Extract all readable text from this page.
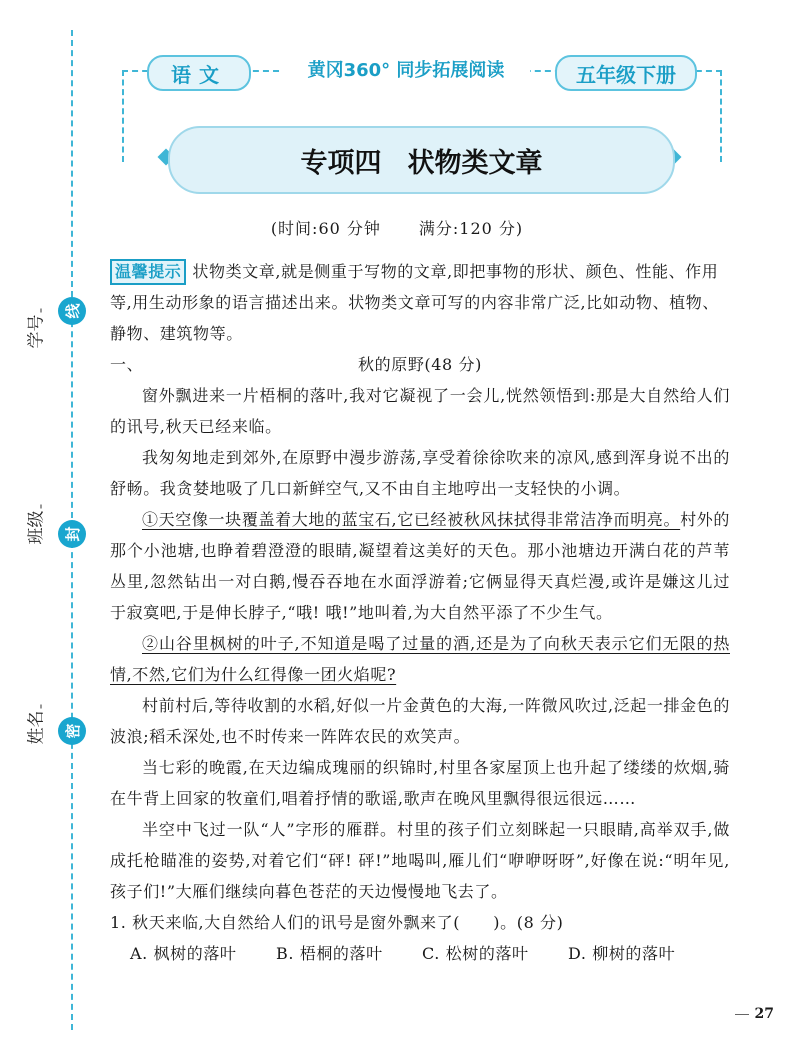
学号
班级
姓名
线
封
密
语文	黄冈360° 同步拓展阅读	五年级下册
专项四 状物类文章
(时间:60 分钟 满分:120 分)

温馨提示 状物类文章,就是侧重于写物的文章,即把事物的形状、颜色、性能、作用等,用生动形象的语言描述出来。状物类文章可写的内容非常广泛,比如动物、植物、静物、建筑物等。

一、	秋的原野(48 分)

窗外飘进来一片梧桐的落叶,我对它凝视了一会儿,恍然领悟到:那是大自然给人们的讯号,秋天已经来临。

我匆匆地走到郊外,在原野中漫步游荡,享受着徐徐吹来的凉风,感到浑身说不出的舒畅。我贪婪地吸了几口新鲜空气,又不由自主地哼出一支轻快的小调。

①天空像一块覆盖着大地的蓝宝石,它已经被秋风抹拭得非常洁净而明亮。村外的那个小池塘,也睁着碧澄澄的眼睛,凝望着这美好的天色。那小池塘边开满白花的芦苇丛里,忽然钻出一对白鹅,慢吞吞地在水面浮游着;它俩显得天真烂漫,或许是嫌这儿过于寂寞吧,于是伸长脖子,“哦! 哦!”地叫着,为大自然平添了不少生气。

②山谷里枫树的叶子,不知道是喝了过量的酒,还是为了向秋天表示它们无限的热情,不然,它们为什么红得像一团火焰呢?

村前村后,等待收割的水稻,好似一片金黄色的大海,一阵微风吹过,泛起一排金色的波浪;稻禾深处,也不时传来一阵阵农民的欢笑声。

当七彩的晚霞,在天边编成瑰丽的织锦时,村里各家屋顶上也升起了缕缕的炊烟,骑在牛背上回家的牧童们,唱着抒情的歌谣,歌声在晚风里飘得很远很远……

半空中飞过一队“人”字形的雁群。村里的孩子们立刻眯起一只眼睛,高举双手,做成托枪瞄准的姿势,对着它们“砰! 砰!”地喝叫,雁儿们“咿咿呀呀”,好像在说:“明年见,孩子们!”大雁们继续向暮色苍茫的天边慢慢地飞去了。

1. 秋天来临,大自然给人们的讯号是窗外飘来了(　　)。(8 分)

A. 枫树的落叶	B. 梧桐的落叶	C. 松树的落叶	D. 柳树的落叶
27
